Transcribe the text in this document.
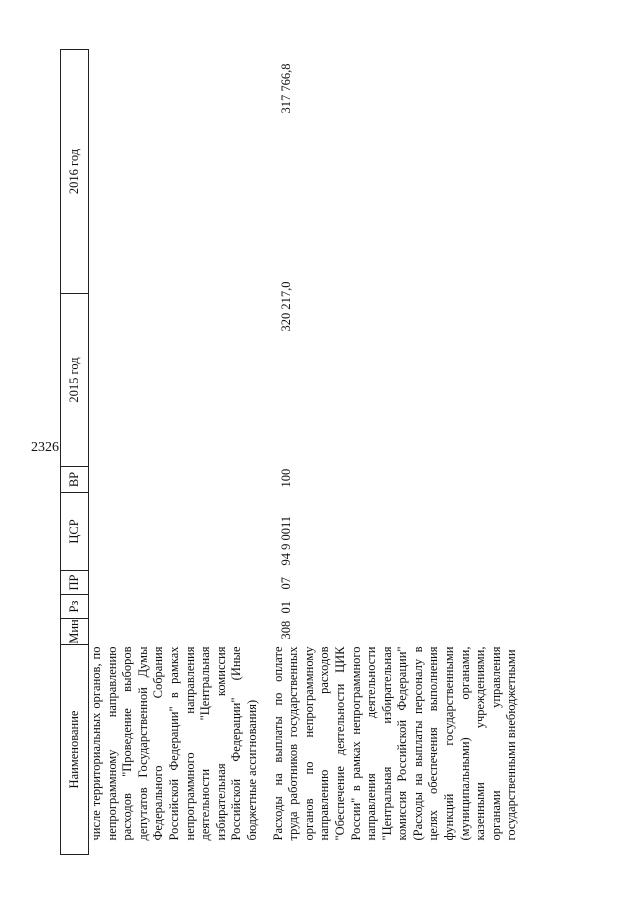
2326
Наименование	Мин	Рз	ПР	ЦСР	ВР	2015 год	2016 год
числе территориальных органов, по непрограммному направлению расходов "Проведение выборов депутатов Государственной Думы Федерального Собрания Российской Федерации" в рамках непрограммного направления деятельности "Центральная избирательная комиссия Российской Федерации" (Иные бюджетные ассигнования)							
Расходы на выплаты по оплате труда работников государственных органов по непрограммному направлению расходов "Обеспечение деятельности ЦИК России" в рамках непрограммного направления деятельности "Центральная избирательная комиссия Российской Федерации" (Расходы на выплаты персоналу в целях обеспечения выполнения функций государственными (муниципальными) органами, казенными учреждениями, органами управления государственными внебюджетными	308	01	07	94 9 0011	100	320 217,0	317 766,8
